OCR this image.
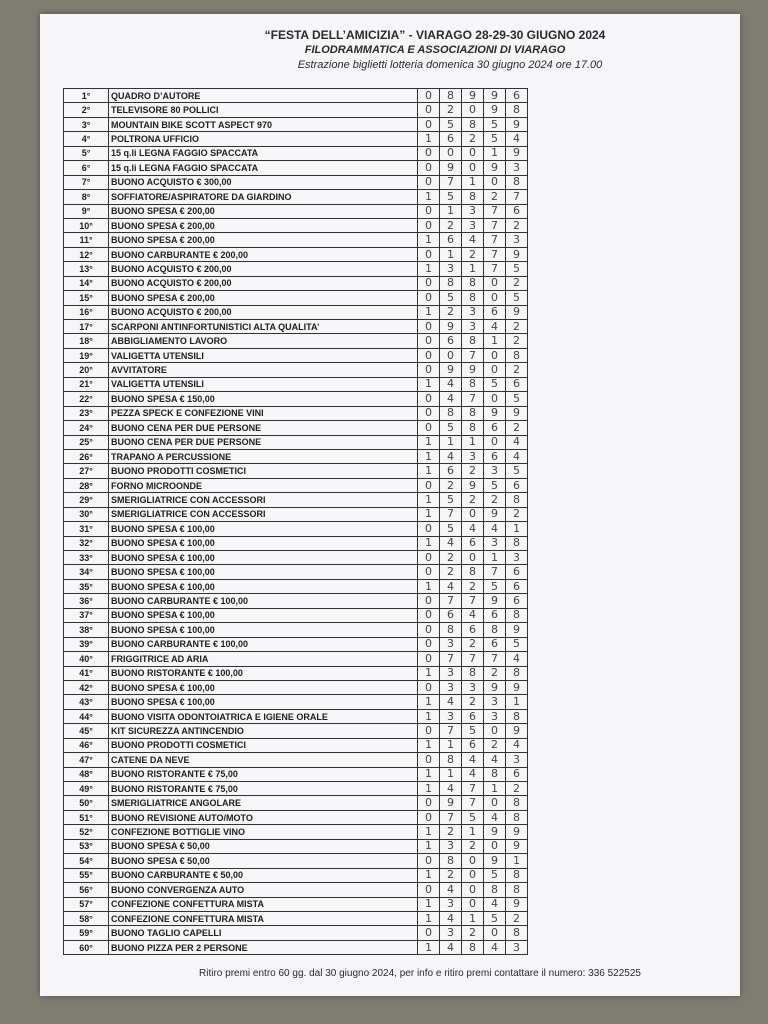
“FESTA DELL’AMICIZIA” - VIARAGO 28-29-30 GIUGNO 2024
FILODRAMMATICA E ASSOCIAZIONI DI VIARAGO
Estrazione biglietti lotteria domenica 30 giugno 2024 ore 17.00
1°	QUADRO D’AUTORE	0	8	9	9	6
2°	TELEVISORE 80 POLLICI	0	2	0	9	8
3°	MOUNTAIN BIKE SCOTT ASPECT 970	0	5	8	5	9
4°	POLTRONA UFFICIO	1	6	2	5	4
5°	15 q.li LEGNA FAGGIO SPACCATA	0	0	0	1	9
6°	15 q.li LEGNA FAGGIO SPACCATA	0	9	0	9	3
7°	BUONO ACQUISTO € 300,00	0	7	1	0	8
8°	SOFFIATORE/ASPIRATORE DA GIARDINO	1	5	8	2	7
9°	BUONO SPESA € 200,00	0	1	3	7	6
10°	BUONO SPESA € 200,00	0	2	3	7	2
11°	BUONO SPESA € 200,00	1	6	4	7	3
12°	BUONO CARBURANTE € 200,00	0	1	2	7	9
13°	BUONO ACQUISTO € 200,00	1	3	1	7	5
14°	BUONO ACQUISTO € 200,00	0	8	8	0	2
15°	BUONO SPESA € 200,00	0	5	8	0	5
16°	BUONO ACQUISTO € 200,00	1	2	3	6	9
17°	SCARPONI ANTINFORTUNISTICI ALTA QUALITA’	0	9	3	4	2
18°	ABBIGLIAMENTO LAVORO	0	6	8	1	2
19°	VALIGETTA UTENSILI	0	0	7	0	8
20°	AVVITATORE	0	9	9	0	2
21°	VALIGETTA UTENSILI	1	4	8	5	6
22°	BUONO SPESA € 150,00	0	4	7	0	5
23°	PEZZA SPECK E CONFEZIONE VINI	0	8	8	9	9
24°	BUONO CENA PER DUE PERSONE	0	5	8	6	2
25°	BUONO CENA PER DUE PERSONE	1	1	1	0	4
26°	TRAPANO A PERCUSSIONE	1	4	3	6	4
27°	BUONO PRODOTTI COSMETICI	1	6	2	3	5
28°	FORNO MICROONDE	0	2	9	5	6
29°	SMERIGLIATRICE CON ACCESSORI	1	5	2	2	8
30°	SMERIGLIATRICE CON ACCESSORI	1	7	0	9	2
31°	BUONO SPESA € 100,00	0	5	4	4	1
32°	BUONO SPESA € 100,00	1	4	6	3	8
33°	BUONO SPESA € 100,00	0	2	0	1	3
34°	BUONO SPESA € 100,00	0	2	8	7	6
35°	BUONO SPESA € 100,00	1	4	2	5	6
36°	BUONO CARBURANTE € 100,00	0	7	7	9	6
37°	BUONO SPESA € 100,00	0	6	4	6	8
38°	BUONO SPESA € 100,00	0	8	6	8	9
39°	BUONO CARBURANTE € 100,00	0	3	2	6	5
40°	FRIGGITRICE AD ARIA	0	7	7	7	4
41°	BUONO RISTORANTE € 100,00	1	3	8	2	8
42°	BUONO SPESA € 100,00	0	3	3	9	9
43°	BUONO SPESA € 100,00	1	4	2	3	1
44°	BUONO VISITA ODONTOIATRICA E IGIENE ORALE	1	3	6	3	8
45°	KIT SICUREZZA ANTINCENDIO	0	7	5	0	9
46°	BUONO PRODOTTI COSMETICI	1	1	6	2	4
47°	CATENE DA NEVE	0	8	4	4	3
48°	BUONO RISTORANTE € 75,00	1	1	4	8	6
49°	BUONO RISTORANTE € 75,00	1	4	7	1	2
50°	SMERIGLIATRICE ANGOLARE	0	9	7	0	8
51°	BUONO REVISIONE AUTO/MOTO	0	7	5	4	8
52°	CONFEZIONE BOTTIGLIE VINO	1	2	1	9	9
53°	BUONO SPESA € 50,00	1	3	2	0	9
54°	BUONO SPESA € 50,00	0	8	0	9	1
55°	BUONO CARBURANTE € 50,00	1	2	0	5	8
56°	BUONO CONVERGENZA AUTO	0	4	0	8	8
57°	CONFEZIONE CONFETTURA MISTA	1	3	0	4	9
58°	CONFEZIONE CONFETTURA MISTA	1	4	1	5	2
59°	BUONO TAGLIO CAPELLI	0	3	2	0	8
60°	BUONO PIZZA PER 2 PERSONE	1	4	8	4	3
Ritiro premi entro 60 gg. dal 30 giugno 2024, per info e ritiro premi contattare il numero: 336 522525
